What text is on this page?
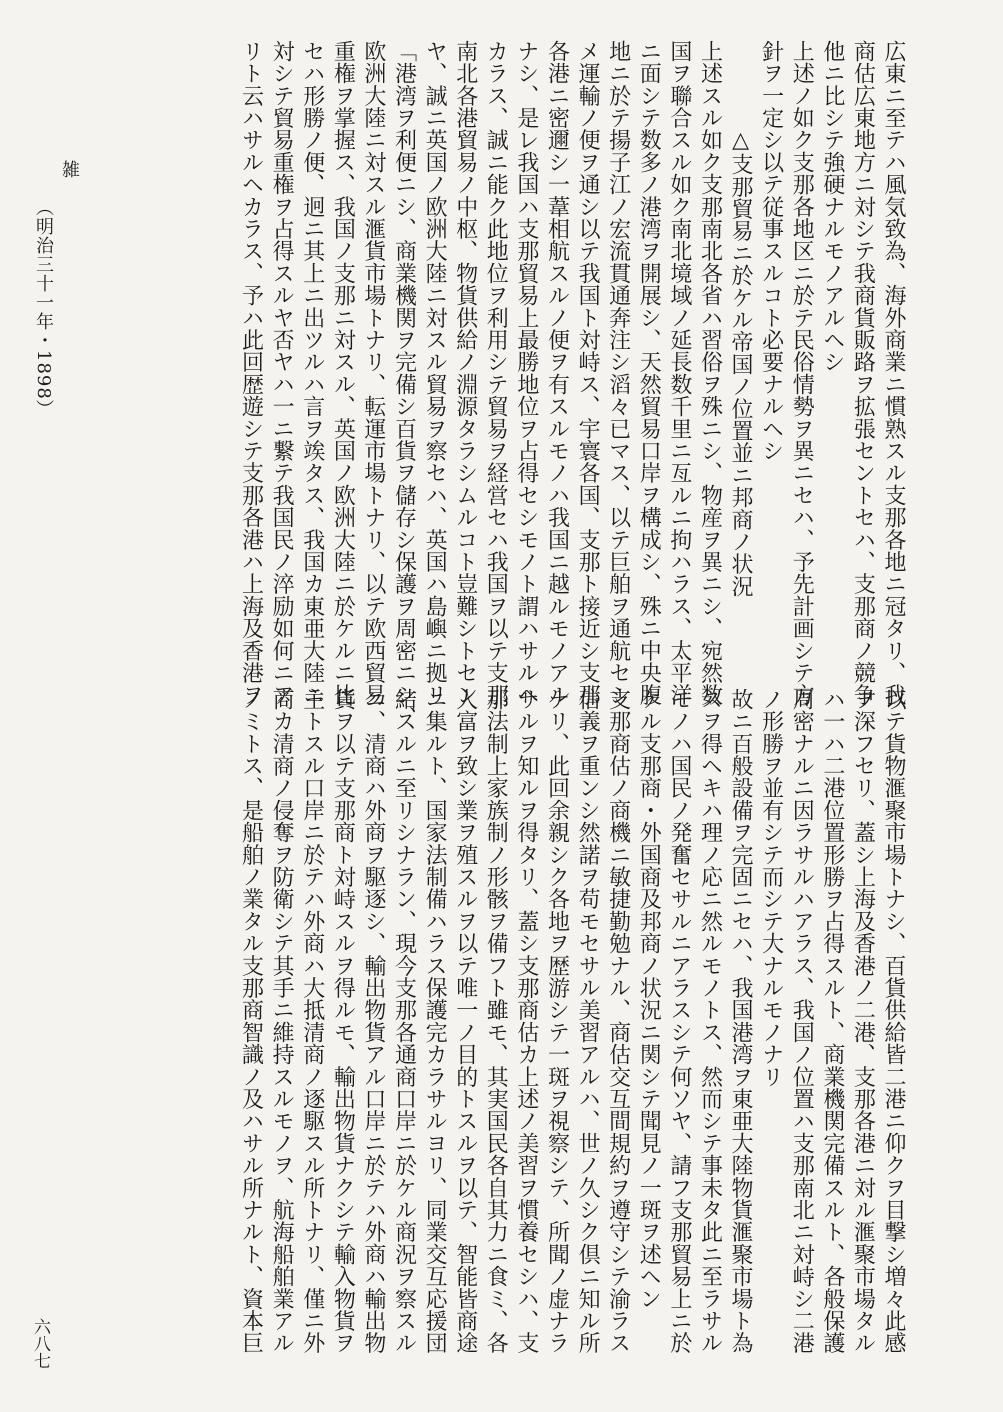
広東ニ至テハ風気致為、海外商業ニ慣熟スル支那各地ニ冠タリ、我
商估広東地方ニ対シテ我商貨販路ヲ拡張セントセハ、支那商ノ競争
他ニ比シテ強硬ナルモノアルヘシ
上述ノ如ク支那各地区ニ於テ民俗情勢ヲ異ニセハ、予先計画シテ方
針ヲ一定シ以テ従事スルコト必要ナルヘシ
△支那貿易ニ於ケル帝国ノ位置並ニ邦商ノ状況
上述スル如ク支那南北各省ハ習俗ヲ殊ニシ、物産ヲ異ニシ、宛然数
国ヲ聯合スル如ク南北境域ノ延長数千里ニ亙ルニ拘ハラス、太平洋
ニ面シテ数多ノ港湾ヲ開展シ、天然貿易口岸ヲ構成シ、殊ニ中央腹
地ニ於テ揚子江ノ宏流貫通奔注シ滔々已マス、以テ巨舶ヲ通航セシ
メ運輸ノ便ヲ通シ以テ我国ト対峙ス、宇寰各国、支那ト接近シ支那
各港ニ密邇シ一葦相航スルノ便ヲ有スルモノハ我国ニ越ルモノアル
ナシ、是レ我国ハ支那貿易上最勝地位ヲ占得セシモノト謂ハサルヘ
カラス、誠ニ能ク此地位ヲ利用シテ貿易ヲ経営セハ我国ヲ以テ支那
南北各港貿易ノ中枢、物貨供給ノ淵源タラシムルコト豈難シトセン
ヤ、誠ニ英国ノ欧洲大陸ニ対スル貿易ヲ察セハ、英国ハ島嶼ニ拠リ
「港湾ヲ利便ニシ、商業機関ヲ完備シ百貨ヲ儲存シ保護ヲ周密ニシ、
欧洲大陸ニ対スル滙貨市場トナリ、転運市場トナリ、以テ欧西貿易
重権ヲ掌握ス、我国ノ支那ニ対スル、英国ノ欧洲大陸ニ於ケルニ比
セハ形勝ノ便、迥ニ其上ニ出ツルハ言ヲ竢タス、我国カ東亜大陸ニ
対シテ貿易重権ヲ占得スルヤ否ヤハ一ニ繋テ我国民ノ淬励如何ニア
リト云ハサルヘカラス、予ハ此回歴遊シテ支那各港ハ上海及香港ヲ
以テ貨物滙聚市場トナシ、百貨供給皆二港ニ仰クヲ目撃シ増々此感
ヲ深フセリ、蓋シ上海及香港ノ二港、支那各港ニ対ル滙聚市場タル
ハ一ハ二港位置形勝ヲ占得スルト、商業機関完備スルト、各般保護
周密ナルニ因ラサルハアラス、我国ノ位置ハ支那南北ニ対峙シ二港
ノ形勝ヲ並有シテ而シテ大ナルモノナリ
故ニ百般設備ヲ完固ニセハ、我国港湾ヲ東亜大陸物貨滙聚市場ト為
スヲ得ヘキハ理ノ応ニ然ルモノトス、然而シテ事未タ此ニ至ラサル
モノハ国民ノ発奮セサルニアラスシテ何ソヤ、請フ支那貿易上ニ於
ケル支那商・外国商及邦商ノ状況ニ関シテ聞見ノ一斑ヲ述ヘン
支那商估ノ商機ニ敏捷勤勉ナル、商估交互間規約ヲ遵守シテ渝ラス
信義ヲ重ンシ然諾ヲ苟モセサル美習アルハ、世ノ久シク倶ニ知ル所
ナリ、此回余親シク各地ヲ歴游シテ一斑ヲ視察シテ、所聞ノ虚ナラ
サルヲ知ルヲ得タリ、蓋シ支那商估カ上述ノ美習ヲ慣養セシハ、支
那法制上家族制ノ形骸ヲ備フト雖モ、其実国民各自其力ニ食ミ、各
人富ヲ致シ業ヲ殖スルヲ以テ唯一ノ目的トスルヲ以テ、智能皆商途
ニ集ルト、国家法制備ハラス保護完カラサルヨリ、同業交互応援団
結スルニ至リシナラン、現今支那各通商口岸ニ於ケル商況ヲ察スル
ニ、清商ハ外商ヲ駆逐シ、輸出物貨アル口岸ニ於テハ外商ハ輸出物
貨ヲ以テ支那商ト対峙スルヲ得ルモ、輸出物貨ナクシテ輸入物貨ヲ
主トスル口岸ニ於テハ外商ハ大抵清商ノ逐駆スル所トナリ、僅ニ外
商カ清商ノ侵奪ヲ防衛シテ其手ニ維持スルモノヲ、航海船舶業アル
ノミトス、是船舶ノ業タル支那商智識ノ及ハサル所ナルト、資本巨
雑
（明治三十一年・1898）
六八七
